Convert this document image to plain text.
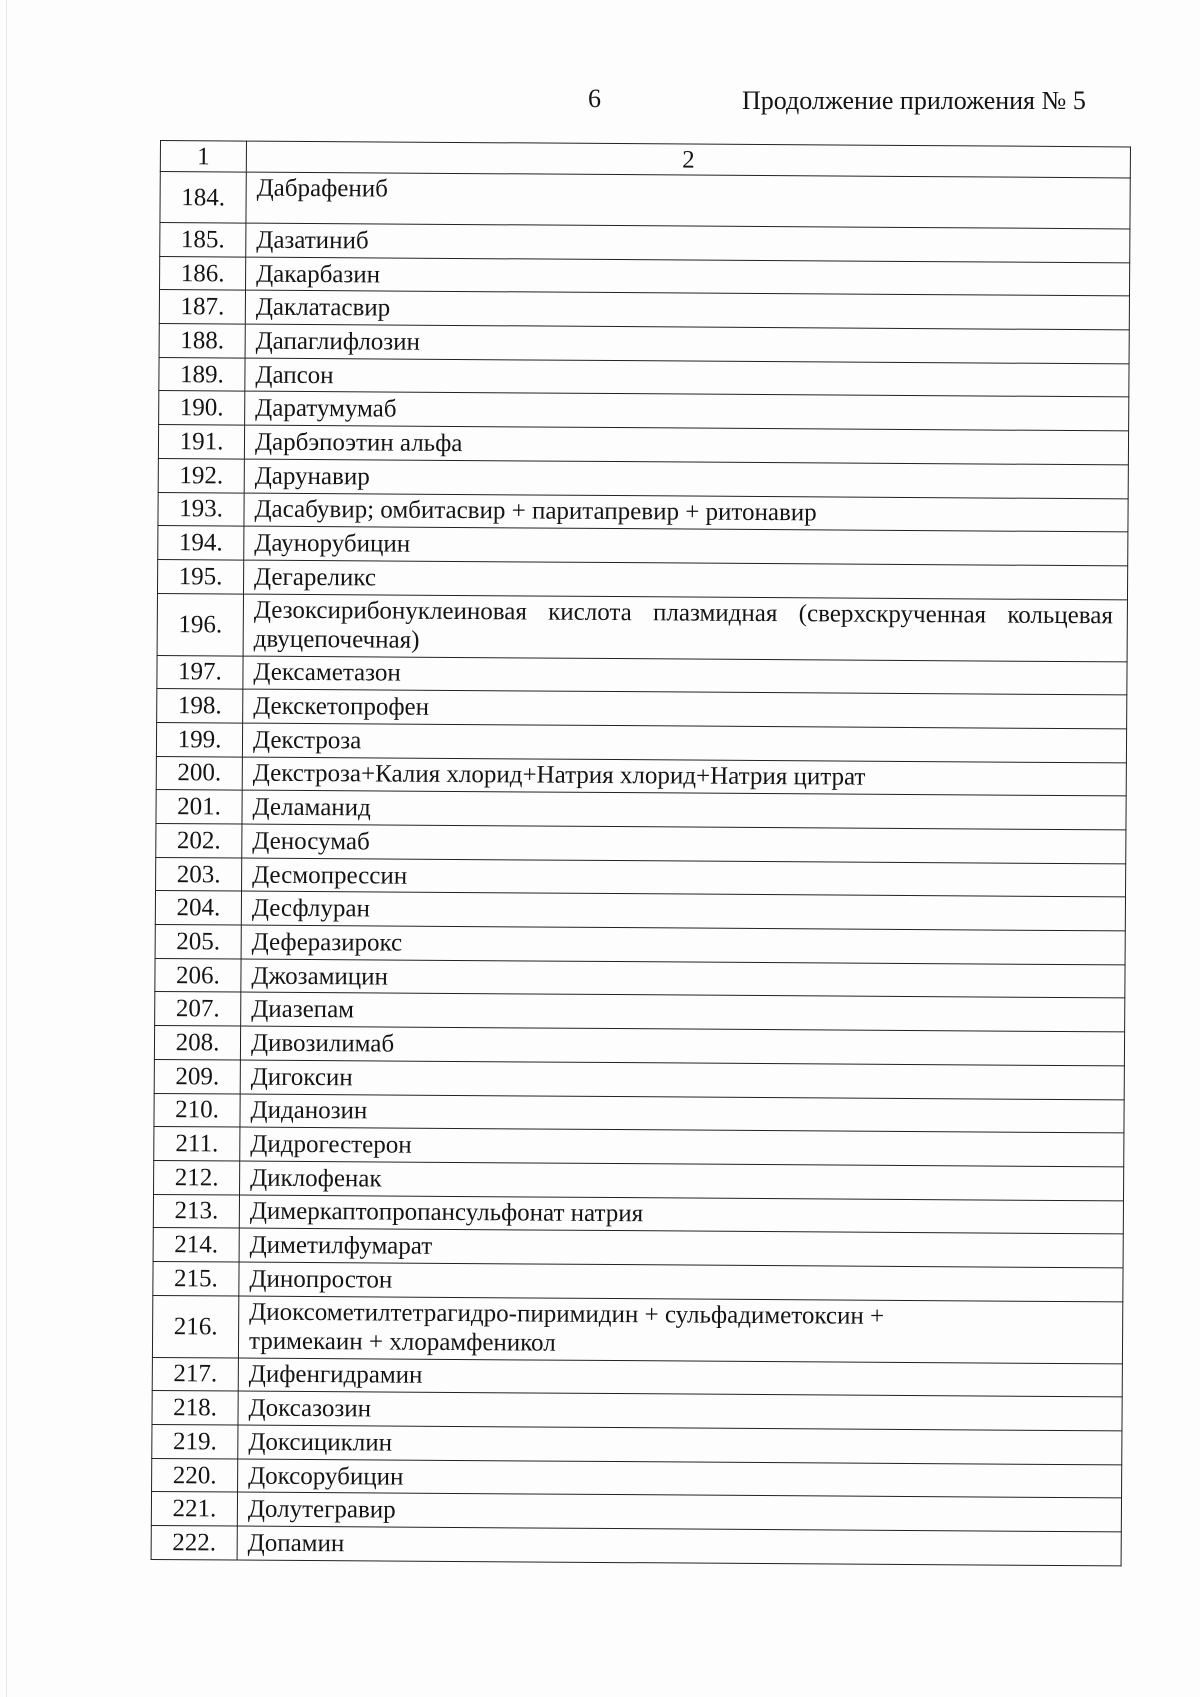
6	Продолжение приложения № 5
1	2
184.	Дабрафениб
185.	Дазатиниб
186.	Дакарбазин
187.	Даклатасвир
188.	Дапаглифлозин
189.	Дапсон
190.	Даратумумаб
191.	Дарбэпоэтин альфа
192.	Дарунавир
193.	Дасабувир; омбитасвир + паритапревир + ритонавир
194.	Даунорубицин
195.	Дегареликс
196.	Дезоксирибонуклеиновая кислота плазмидная (сверхскрученная кольцевая двуцепочечная)
197.	Дексаметазон
198.	Декскетопрофен
199.	Декстроза
200.	Декстроза+Калия хлорид+Натрия хлорид+Натрия цитрат
201.	Деламанид
202.	Деносумаб
203.	Десмопрессин
204.	Десфлуран
205.	Деферазирокс
206.	Джозамицин
207.	Диазепам
208.	Дивозилимаб
209.	Дигоксин
210.	Диданозин
211.	Дидрогестерон
212.	Диклофенак
213.	Димеркаптопропансульфонат натрия
214.	Диметилфумарат
215.	Динопростон
216.	Диоксометилтетрагидро-пиримидин + сульфадиметоксин + тримекаин + хлорамфеникол
217.	Дифенгидрамин
218.	Доксазозин
219.	Доксициклин
220.	Доксорубицин
221.	Долутегравир
222.	Допамин
